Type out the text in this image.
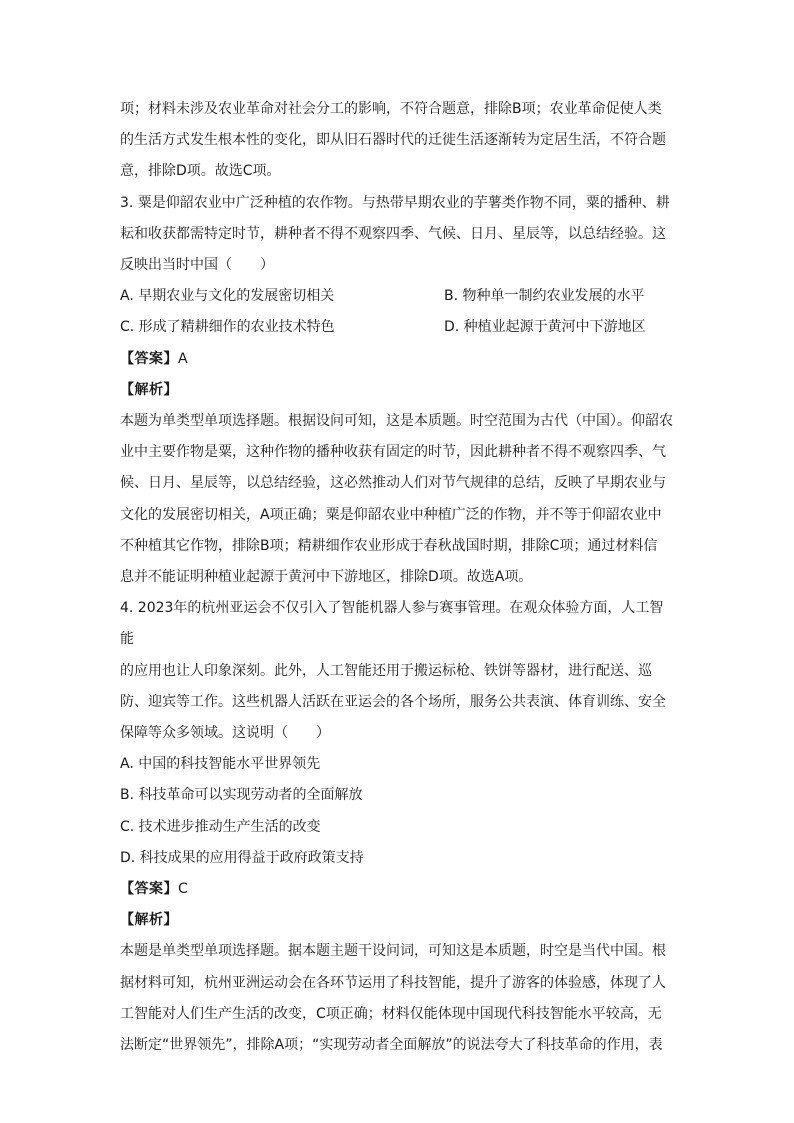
项；材料未涉及农业革命对社会分工的影响，不符合题意，排除B项；农业革命促使人类
的生活方式发生根本性的变化，即从旧石器时代的迁徙生活逐渐转为定居生活，不符合题
意，排除D项。故选C项。

3. 粟是仰韶农业中广泛种植的农作物。与热带早期农业的芋薯类作物不同，粟的播种、耕
耘和收获都需特定时节，耕种者不得不观察四季、气候、日月、星辰等，以总结经验。这
反映出当时中国（　　）

A. 早期农业与文化的发展密切相关	B. 物种单一制约农业发展的水平

C. 形成了精耕细作的农业技术特色	D. 种植业起源于黄河中下游地区

【答案】A

【解析】

本题为单类型单项选择题。根据设问可知，这是本质题。时空范围为古代（中国）。仰韶农
业中主要作物是粟，这种作物的播种收获有固定的时节，因此耕种者不得不观察四季、气
候、日月、星辰等，以总结经验，这必然推动人们对节气规律的总结，反映了早期农业与
文化的发展密切相关，A项正确；粟是仰韶农业中种植广泛的作物，并不等于仰韶农业中
不种植其它作物，排除B项；精耕细作农业形成于春秋战国时期，排除C项；通过材料信
息并不能证明种植业起源于黄河中下游地区，排除D项。故选A项。

4. 2023年的杭州亚运会不仅引入了智能机器人参与赛事管理。在观众体验方面，人工智能
的应用也让人印象深刻。此外，人工智能还用于搬运标枪、铁饼等器材，进行配送、巡
防、迎宾等工作。这些机器人活跃在亚运会的各个场所，服务公共表演、体育训练、安全
保障等众多领域。这说明（　　）

A. 中国的科技智能水平世界领先

B. 科技革命可以实现劳动者的全面解放

C. 技术进步推动生产生活的改变

D. 科技成果的应用得益于政府政策支持

【答案】C

【解析】

本题是单类型单项选择题。据本题主题干设问词，可知这是本质题，时空是当代中国。根
据材料可知，杭州亚洲运动会在各环节运用了科技智能，提升了游客的体验感，体现了人
工智能对人们生产生活的改变，C项正确；材料仅能体现中国现代科技智能水平较高，无
法断定“世界领先”，排除A项；“实现劳动者全面解放”的说法夸大了科技革命的作用，表
